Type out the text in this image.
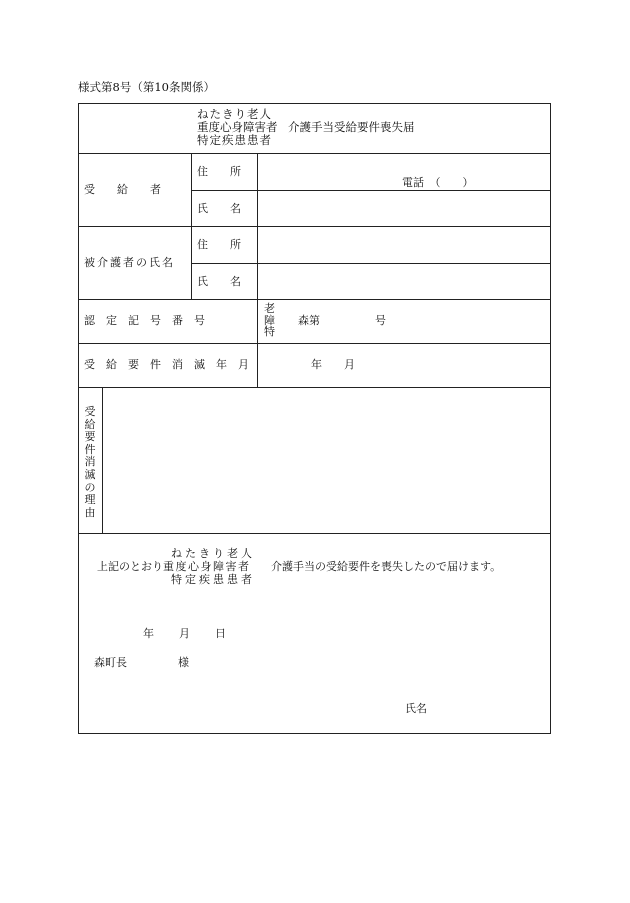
様式第8号（第10条関係）
ねたきり老人
重度心身障害者
特定疾患患者
介護手当受給要件喪失届
受　　給　　者
住　　所
電話　（　　）
氏　　名
被介護者の氏名
住　　所
氏　　名
認　定　記　号　番　号
老
障
特
森第　　　　　号
受　給　要　件　消　滅　年　月	年　　月
受給要件消滅の理由
ねたきり老人
上記のとおり 重度心身障害者 介護手当の受給要件を喪失したので届けます。
特定疾患患者
年　　月　　日
森町長	様
氏名
